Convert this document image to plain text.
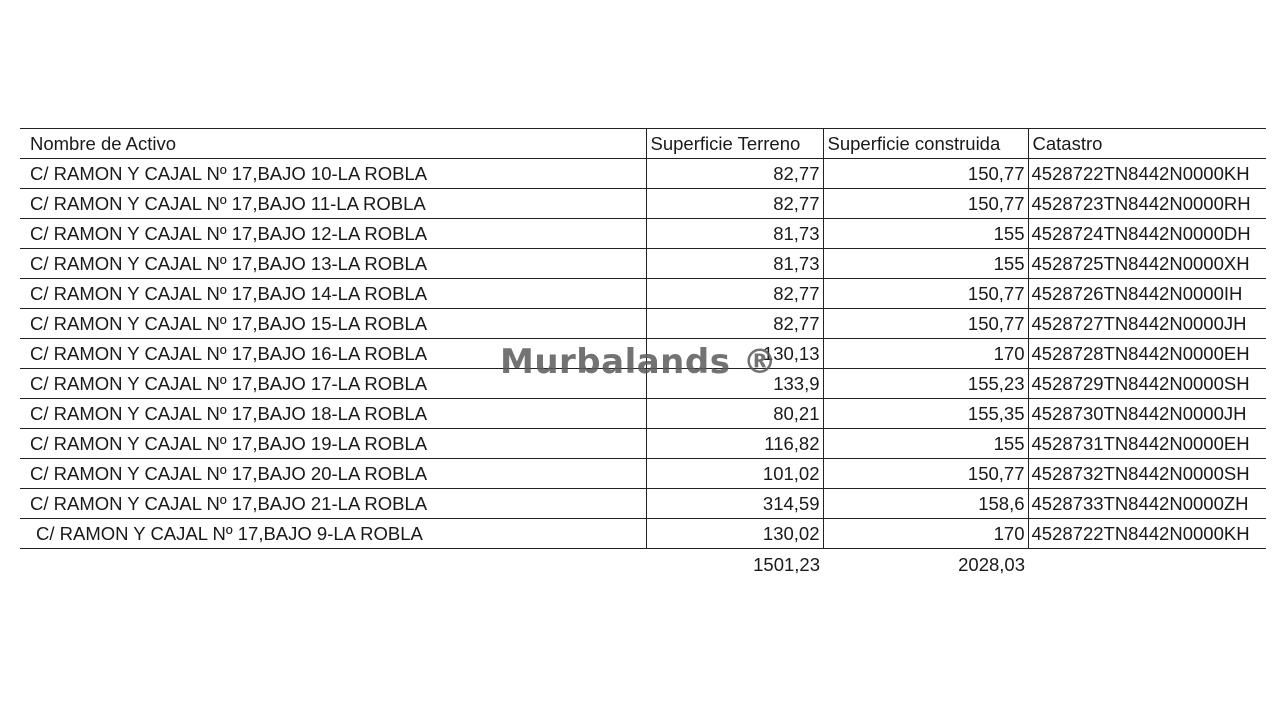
Nombre de Activo	Superficie Terreno	Superficie construida	Catastro
C/ RAMON Y CAJAL Nº 17,BAJO 10-LA ROBLA	82,77	150,77	4528722TN8442N0000KH
C/ RAMON Y CAJAL Nº 17,BAJO 11-LA ROBLA	82,77	150,77	4528723TN8442N0000RH
C/ RAMON Y CAJAL Nº 17,BAJO 12-LA ROBLA	81,73	155	4528724TN8442N0000DH
C/ RAMON Y CAJAL Nº 17,BAJO 13-LA ROBLA	81,73	155	4528725TN8442N0000XH
C/ RAMON Y CAJAL Nº 17,BAJO 14-LA ROBLA	82,77	150,77	4528726TN8442N0000IH
C/ RAMON Y CAJAL Nº 17,BAJO 15-LA ROBLA	82,77	150,77	4528727TN8442N0000JH
C/ RAMON Y CAJAL Nº 17,BAJO 16-LA ROBLA	130,13	170	4528728TN8442N0000EH
C/ RAMON Y CAJAL Nº 17,BAJO 17-LA ROBLA	133,9	155,23	4528729TN8442N0000SH
C/ RAMON Y CAJAL Nº 17,BAJO 18-LA ROBLA	80,21	155,35	4528730TN8442N0000JH
C/ RAMON Y CAJAL Nº 17,BAJO 19-LA ROBLA	116,82	155	4528731TN8442N0000EH
C/ RAMON Y CAJAL Nº 17,BAJO 20-LA ROBLA	101,02	150,77	4528732TN8442N0000SH
C/ RAMON Y CAJAL Nº 17,BAJO 21-LA ROBLA	314,59	158,6	4528733TN8442N0000ZH
C/ RAMON Y CAJAL Nº 17,BAJO 9-LA ROBLA	130,02	170	4528722TN8442N0000KH
	1501,23	2028,03	
Murbalands ®
